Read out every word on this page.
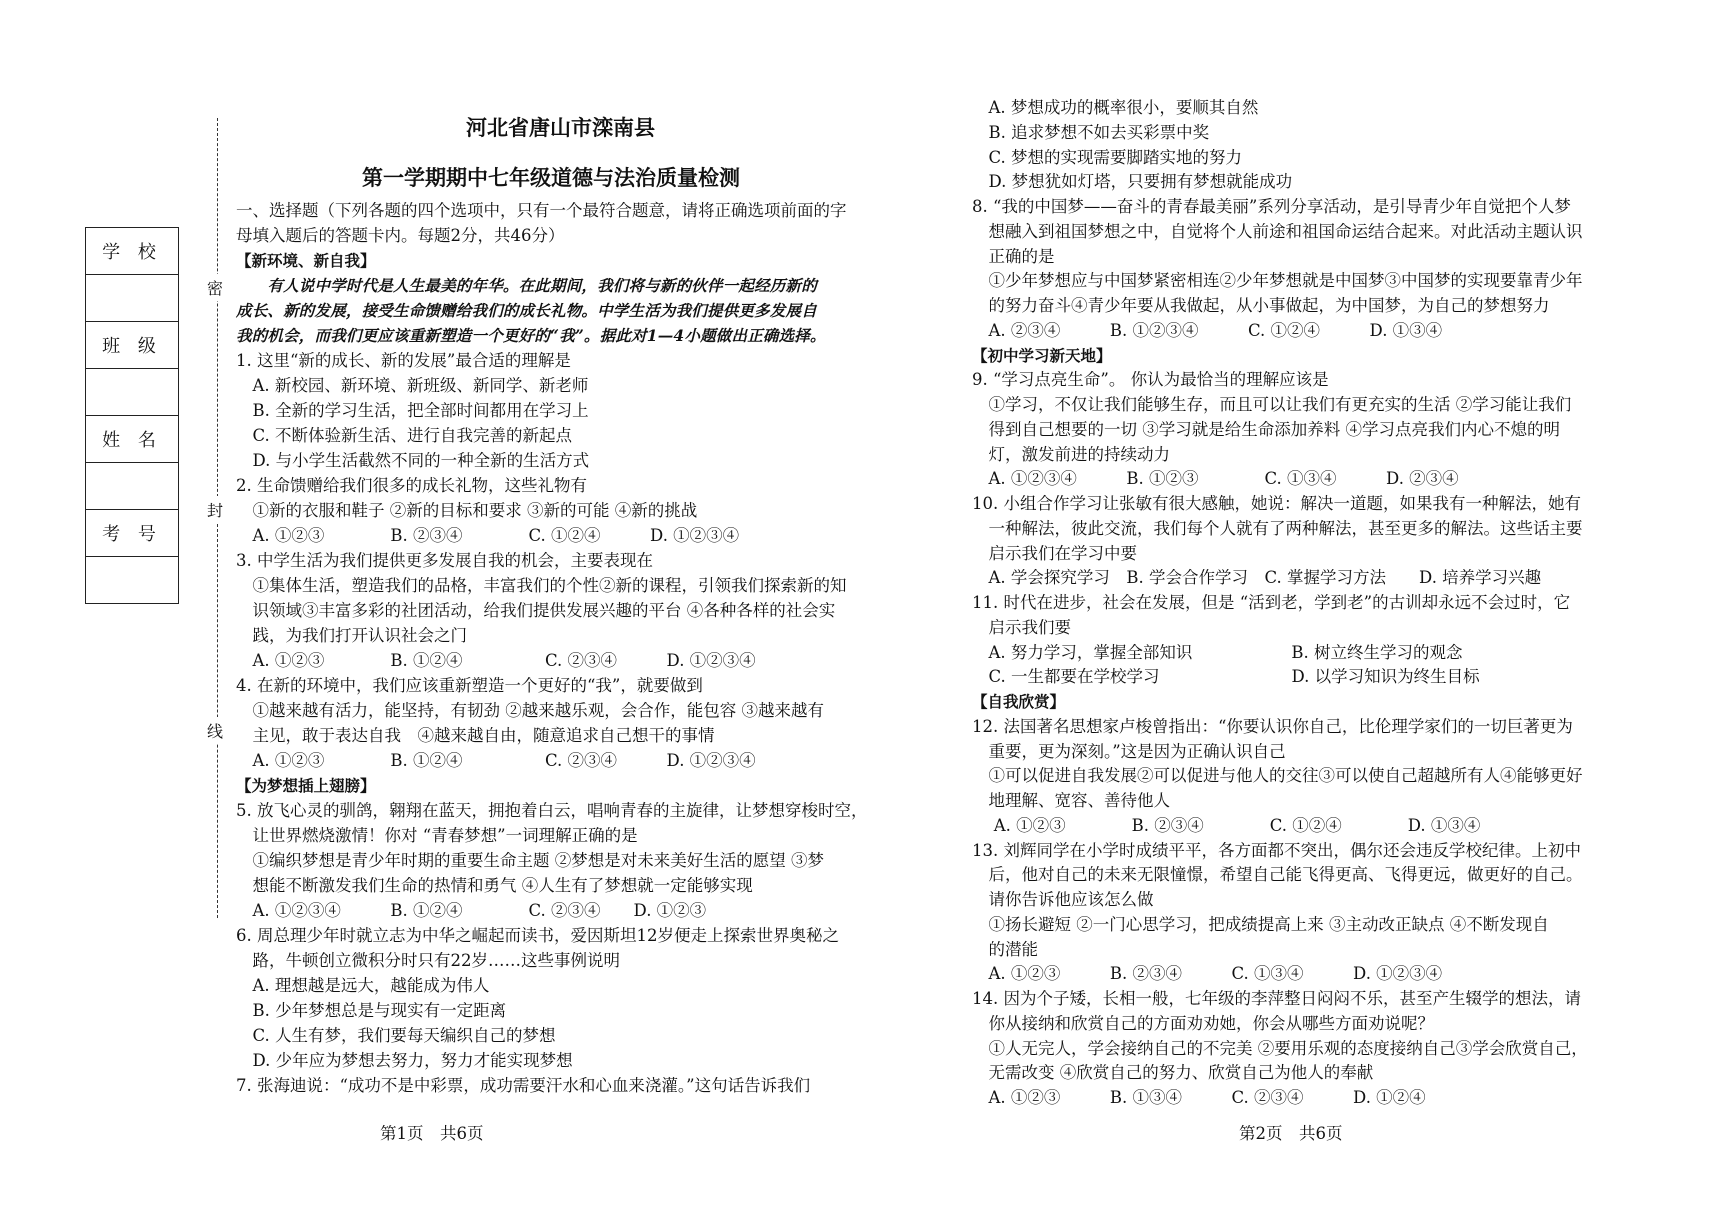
学 校
班 级
姓 名
考 号
密
封
线
河北省唐山市滦南县
第一学期期中七年级道德与法治质量检测
一、选择题（下列各题的四个选项中，只有一个最符合题意，请将正确选项前面的字
母填入题后的答题卡内。每题2分，共46分）
【新环境、新自我】
　　有人说中学时代是人生最美的年华。在此期间，我们将与新的伙伴一起经历新的
成长、新的发展，接受生命馈赠给我们的成长礼物。中学生活为我们提供更多发展自
我的机会，而我们更应该重新塑造一个更好的“我”。据此对1—4小题做出正确选择。
1. 这里“新的成长、新的发展”最合适的理解是
　A. 新校园、新环境、新班级、新同学、新老师
　B. 全新的学习生活，把全部时间都用在学习上
　C. 不断体验新生活、进行自我完善的新起点
　D. 与小学生活截然不同的一种全新的生活方式
2. 生命馈赠给我们很多的成长礼物，这些礼物有
　①新的衣服和鞋子 ②新的目标和要求 ③新的可能 ④新的挑战
　A. ①②③　　　　B. ②③④　　　　C. ①②④　　　D. ①②③④
3. 中学生活为我们提供更多发展自我的机会，主要表现在
　①集体生活，塑造我们的品格，丰富我们的个性②新的课程，引领我们探索新的知
　识领域③丰富多彩的社团活动，给我们提供发展兴趣的平台 ④各种各样的社会实
　践，为我们打开认识社会之门
　A. ①②③　　　　B. ①②④　　　　　C. ②③④　　　D. ①②③④
4. 在新的环境中，我们应该重新塑造一个更好的“我”，就要做到
　①越来越有活力，能坚持，有韧劲 ②越来越乐观，会合作，能包容 ③越来越有
　主见，敢于表达自我　④越来越自由，随意追求自己想干的事情
　A. ①②③　　　　B. ①②④　　　　　C. ②③④　　　D. ①②③④
【为梦想插上翅膀】
5. 放飞心灵的驯鸽，翱翔在蓝天，拥抱着白云，唱响青春的主旋律，让梦想穿梭时空，
　让世界燃烧激情！你对 “青春梦想”一词理解正确的是
　①编织梦想是青少年时期的重要生命主题 ②梦想是对未来美好生活的愿望 ③梦
　想能不断激发我们生命的热情和勇气 ④人生有了梦想就一定能够实现
　A. ①②③④　　　B. ①②④　　　　C. ②③④　　D. ①②③
6. 周总理少年时就立志为中华之崛起而读书，爱因斯坦12岁便走上探索世界奥秘之
　路，牛顿创立微积分时只有22岁……这些事例说明
　A. 理想越是远大，越能成为伟人
　B. 少年梦想总是与现实有一定距离
　C. 人生有梦，我们要每天编织自己的梦想
　D. 少年应为梦想去努力，努力才能实现梦想
7. 张海迪说：“成功不是中彩票，成功需要汗水和心血来浇灌。”这句话告诉我们
　A. 梦想成功的概率很小，要顺其自然
　B. 追求梦想不如去买彩票中奖
　C. 梦想的实现需要脚踏实地的努力
　D. 梦想犹如灯塔，只要拥有梦想就能成功
8. “我的中国梦——奋斗的青春最美丽”系列分享活动，是引导青少年自觉把个人梦
　想融入到祖国梦想之中，自觉将个人前途和祖国命运结合起来。对此活动主题认识
　正确的是
　①少年梦想应与中国梦紧密相连②少年梦想就是中国梦③中国梦的实现要靠青少年
　的努力奋斗④青少年要从我做起，从小事做起，为中国梦，为自己的梦想努力
　A. ②③④　　　B. ①②③④　　　C. ①②④　　　D. ①③④
【初中学习新天地】
9. “学习点亮生命”。 你认为最恰当的理解应该是
　①学习，不仅让我们能够生存，而且可以让我们有更充实的生活 ②学习能让我们
　得到自己想要的一切 ③学习就是给生命添加养料 ④学习点亮我们内心不熄的明
　灯，激发前进的持续动力
　A. ①②③④　　　B. ①②③　　　　C. ①③④　　　D. ②③④
10. 小组合作学习让张敏有很大感触，她说：解决一道题，如果我有一种解法，她有
　一种解法，彼此交流，我们每个人就有了两种解法，甚至更多的解法。这些话主要
　启示我们在学习中要
　A. 学会探究学习　B. 学会合作学习　C. 掌握学习方法　　D. 培养学习兴趣
11. 时代在进步，社会在发展，但是 “活到老，学到老”的古训却永远不会过时，它
　启示我们要
　A. 努力学习，掌握全部知识　　　　　　B. 树立终生学习的观念
　C. 一生都要在学校学习　　　　　　　　D. 以学习知识为终生目标
【自我欣赏】
12. 法国著名思想家卢梭曾指出：“你要认识你自己，比伦理学家们的一切巨著更为
　重要，更为深刻。”这是因为正确认识自己
　①可以促进自我发展②可以促进与他人的交往③可以使自己超越所有人④能够更好
　地理解、宽容、善待他人
　 A. ①②③　　　　B. ②③④　　　　C. ①②④　　　　D. ①③④
13. 刘辉同学在小学时成绩平平，各方面都不突出，偶尔还会违反学校纪律。上初中
　后，他对自己的未来无限憧憬，希望自己能飞得更高、飞得更远，做更好的自己。
　请你告诉他应该怎么做
　①扬长避短 ②一门心思学习，把成绩提高上来 ③主动改正缺点 ④不断发现自
　的潜能
　A. ①②③　　　B. ②③④　　　C. ①③④　　　D. ①②③④
14. 因为个子矮，长相一般，七年级的李萍整日闷闷不乐，甚至产生辍学的想法，请
　你从接纳和欣赏自己的方面劝劝她，你会从哪些方面劝说呢？
　①人无完人，学会接纳自己的不完美 ②要用乐观的态度接纳自己③学会欣赏自己，
　无需改变 ④欣赏自己的努力、欣赏自己为他人的奉献
　A. ①②③　　　B. ①③④　　　C. ②③④　　　D. ①②④
第1页　共6页	第2页　共6页
